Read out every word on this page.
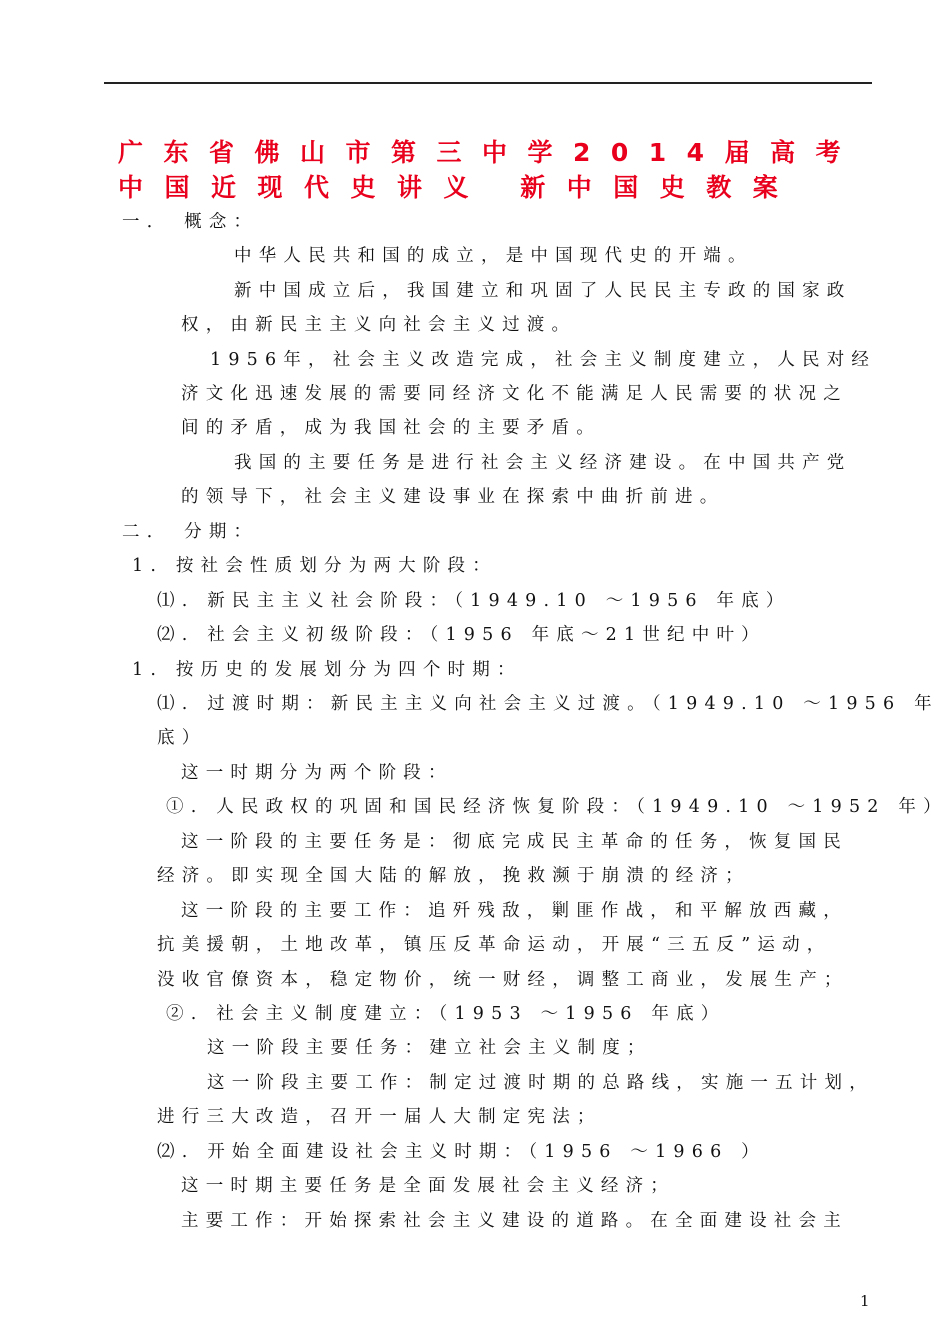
广东省佛山市第三中学2014届高考
中国近现代史讲义 新中国史教案
一． 概念：
中华人民共和国的成立，是中国现代史的开端。
新中国成立后，我国建立和巩固了人民民主专政的国家政
权，由新民主主义向社会主义过渡。
1956年，社会主义改造完成，社会主义制度建立，人民对经
济文化迅速发展的需要同经济文化不能满足人民需要的状况之
间的矛盾，成为我国社会的主要矛盾。
我国的主要任务是进行社会主义经济建设。在中国共产党
的领导下，社会主义建设事业在探索中曲折前进。
二． 分期：
1. 按社会性质划分为两大阶段：
⑴. 新民主主义社会阶段：（1949.10 ～1956 年底）
⑵. 社会主义初级阶段：（1956 年底～21世纪中叶）
1. 按历史的发展划分为四个时期：
⑴. 过渡时期：新民主主义向社会主义过渡。（1949.10 ～1956 年
底）
这一时期分为两个阶段：
①. 人民政权的巩固和国民经济恢复阶段：（1949.10 ～1952 年）
这一阶段的主要任务是：彻底完成民主革命的任务，恢复国民
经济。即实现全国大陆的解放，挽救濒于崩溃的经济；
这一阶段的主要工作：追歼残敌，剿匪作战，和平解放西藏，
抗美援朝，土地改革，镇压反革命运动，开展“三五反”运动，
没收官僚资本，稳定物价，统一财经，调整工商业，发展生产；
②. 社会主义制度建立：（1953 ～1956 年底）
这一阶段主要任务：建立社会主义制度；
这一阶段主要工作：制定过渡时期的总路线，实施一五计划，
进行三大改造，召开一届人大制定宪法；
⑵. 开始全面建设社会主义时期：（1956 ～1966 ）
这一时期主要任务是全面发展社会主义经济；
主要工作：开始探索社会主义建设的道路。在全面建设社会主
1
